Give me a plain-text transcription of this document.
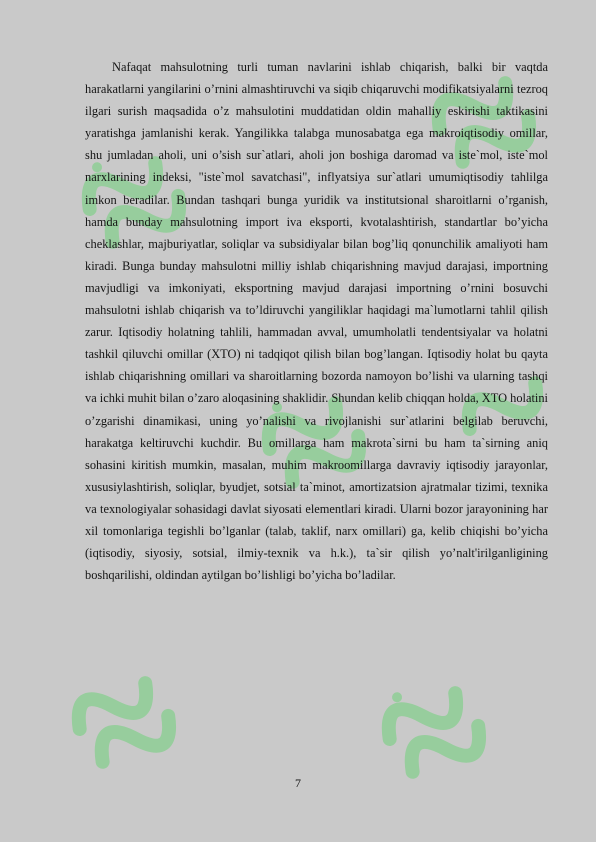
Nafaqat mahsulotning turli tuman navlarini ishlab chiqarish, balki bir vaqtda harakatlarni yangilarini o’rnini almashtiruvchi va siqib chiqaruvchi modifikatsiyalarni tezroq ilgari surish maqsadida o’z mahsulotini muddatidan oldin mahalliy eskirishi taktikasini yaratishga jamlanishi kerak. Yangilikka talabga munosabatga ega makroiqtisodiy omillar, shu jumladan aholi, uni o’sish sur`atlari, aholi jon boshiga daromad va iste`mol, iste`mol narxlarining indeksi, "iste`mol savatchasi", inflyatsiya sur`atlari umumiqtisodiy tahlilga imkon beradilar. Bundan tashqari bunga yuridik va institutsional sharoitlarni o’rganish, hamda bunday mahsulotning import iva eksporti, kvotalashtirish, standartlar bo’yicha cheklashlar, majburiyatlar, soliqlar va subsidiyalar bilan bog’liq qonunchilik amaliyoti ham kiradi. Bunga bunday mahsulotni milliy ishlab chiqarishning mavjud darajasi, importning mavjudligi va imkoniyati, eksportning mavjud darajasi importning o’rnini bosuvchi mahsulotni ishlab chiqarish va to’ldiruvchi yangiliklar haqidagi ma`lumotlarni tahlil qilish zarur. Iqtisodiy holatning tahlili, hammadan avval, umumholatli tendentsiyalar va holatni tashkil qiluvchi omillar (XTO) ni tadqiqot qilish bilan bog’langan. Iqtisodiy holat bu qayta ishlab chiqarishning omillari va sharoitlarning bozorda namoyon bo’lishi va ularning tashqi va ichki muhit bilan o’zaro aloqasining shaklidir. Shundan kelib chiqqan holda, XTO holatini o’zgarishi dinamikasi, uning yo’nalishi va rivojlanishi sur`atlarini belgilab beruvchi, harakatga keltiruvchi kuchdir. Bu omillarga ham makrota`sirni bu ham ta`sirning aniq sohasini kiritish mumkin, masalan, muhim makroomillarga davraviy iqtisodiy jarayonlar, xususiylashtirish, soliqlar, byudjet, sotsial ta`minot, amortizatsion ajratmalar tizimi, texnika va texnologiyalar sohasidagi davlat siyosati elementlari kiradi. Ularni bozor jarayonining har xil tomonlariga tegishli bo’lganlar (talab, taklif, narx omillari) ga, kelib chiqishi bo’yicha (iqtisodiy, siyosiy, sotsial, ilmiy-texnik va h.k.), ta`sir qilish yo’nalt'irilganligining boshqarilishi, oldindan aytilgan bo’lishligi bo’yicha bo’ladilar.

7
